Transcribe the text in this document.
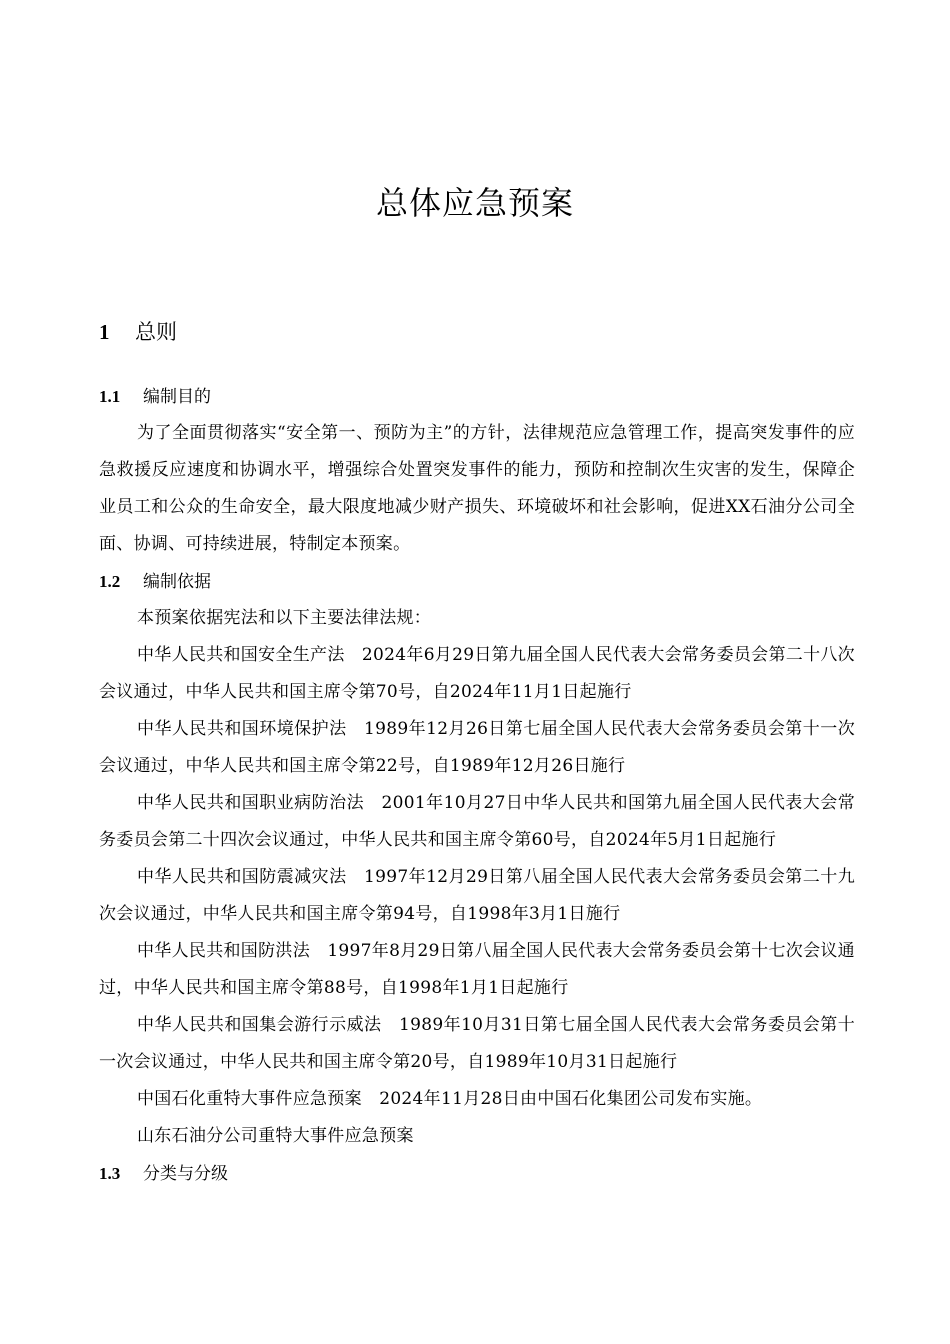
总体应急预案
1 总则
1.1 编制目的

为了全面贯彻落实“安全第一、预防为主”的方针，法律规范应急管理工作，提高突发事件的应急救援反应速度和协调水平，增强综合处置突发事件的能力，预防和控制次生灾害的发生，保障企业员工和公众的生命安全，最大限度地减少财产损失、环境破坏和社会影响，促进XX石油分公司全面、协调、可持续进展，特制定本预案。

1.2 编制依据

本预案依据宪法和以下主要法律法规：

中华人民共和国安全生产法　2024年6月29日第九届全国人民代表大会常务委员会第二十八次会议通过，中华人民共和国主席令第70号，自2024年11月1日起施行

中华人民共和国环境保护法　1989年12月26日第七届全国人民代表大会常务委员会第十一次会议通过，中华人民共和国主席令第22号，自1989年12月26日施行

中华人民共和国职业病防治法　2001年10月27日中华人民共和国第九届全国人民代表大会常务委员会第二十四次会议通过，中华人民共和国主席令第60号，自2024年5月1日起施行

中华人民共和国防震减灾法　1997年12月29日第八届全国人民代表大会常务委员会第二十九次会议通过，中华人民共和国主席令第94号，自1998年3月1日施行

中华人民共和国防洪法　1997年8月29日第八届全国人民代表大会常务委员会第十七次会议通过，中华人民共和国主席令第88号，自1998年1月1日起施行

中华人民共和国集会游行示威法　1989年10月31日第七届全国人民代表大会常务委员会第十一次会议通过，中华人民共和国主席令第20号，自1989年10月31日起施行

中国石化重特大事件应急预案　2024年11月28日由中国石化集团公司发布实施。

山东石油分公司重特大事件应急预案

1.3 分类与分级
